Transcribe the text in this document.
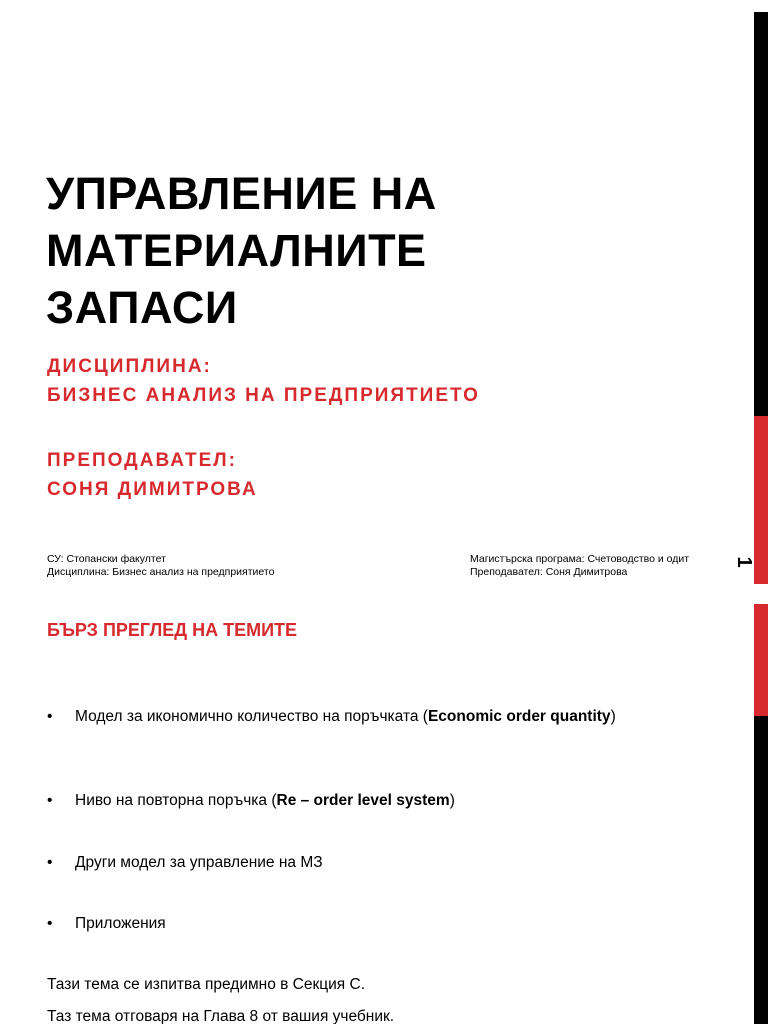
1
УПРАВЛЕНИЕ НА
МАТЕРИАЛНИТЕ
ЗАПАСИ
ДИСЦИПЛИНА:
БИЗНЕС АНАЛИЗ НА ПРЕДПРИЯТИЕТО
ПРЕПОДАВАТЕЛ:
СОНЯ ДИМИТРОВА
СУ: Стопански факултет
Дисциплина: Бизнес анализ на предприятието
Магистърска програма: Счетоводство и одит
Преподавател: Соня Димитрова
БЪРЗ ПРЕГЛЕД НА ТЕМИТЕ
• Модел за икономично количество на поръчката (Economic order quantity)
• Ниво на повторна поръчка (Re – order level system)
• Други модел за управление на МЗ
• Приложения
Тази тема се изпитва предимно в Секция С.
Таз тема отговаря на Глава 8 от вашия учебник.
